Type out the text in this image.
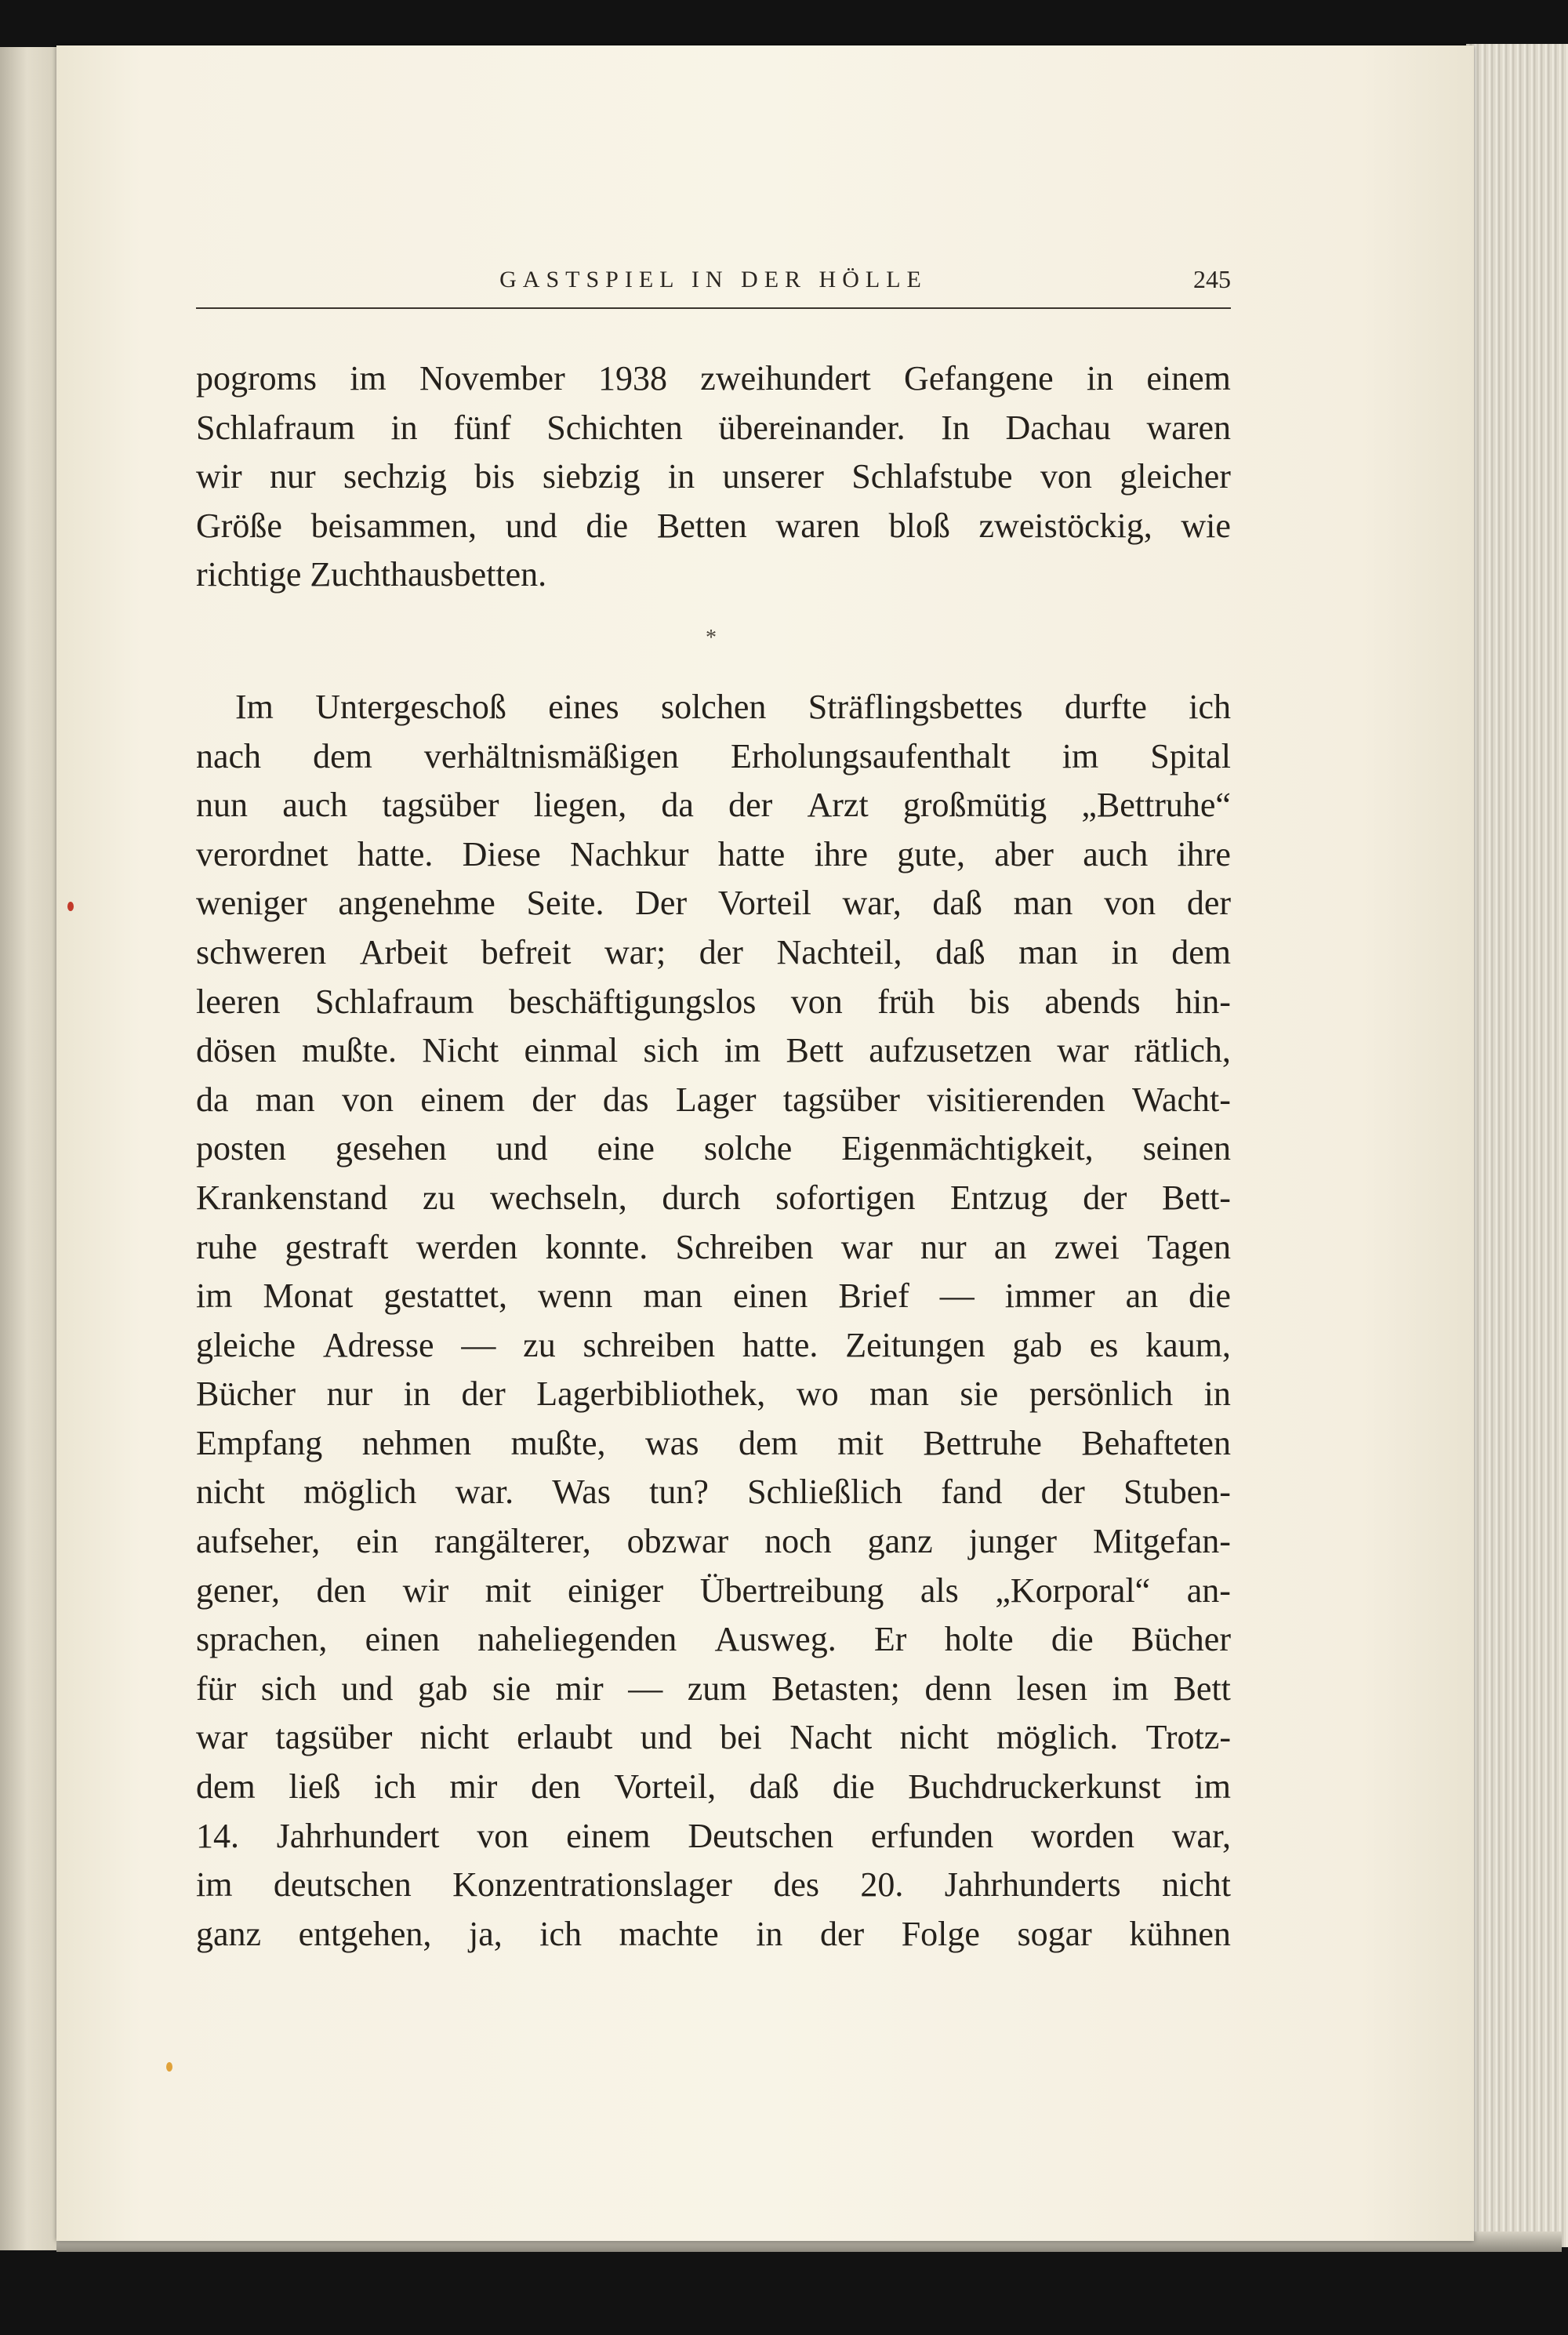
GASTSPIEL IN DER HÖLLE	245
pogroms im November 1938 zweihundert Gefangene in einem
Schlafraum in fünf Schichten übereinander. In Dachau waren
wir nur sechzig bis siebzig in unserer Schlafstube von gleicher
Größe beisammen, und die Betten waren bloß zweistöckig, wie
richtige Zuchthausbetten.
*
Im Untergeschoß eines solchen Sträflingsbettes durfte ich
nach dem verhältnismäßigen Erholungsaufenthalt im Spital
nun auch tagsüber liegen, da der Arzt großmütig „Bettruhe“
verordnet hatte. Diese Nachkur hatte ihre gute, aber auch ihre
weniger angenehme Seite. Der Vorteil war, daß man von der
schweren Arbeit befreit war; der Nachteil, daß man in dem
leeren Schlafraum beschäftigungslos von früh bis abends hin-
dösen mußte. Nicht einmal sich im Bett aufzusetzen war rätlich,
da man von einem der das Lager tagsüber visitierenden Wacht-
posten gesehen und eine solche Eigenmächtigkeit, seinen
Krankenstand zu wechseln, durch sofortigen Entzug der Bett-
ruhe gestraft werden konnte. Schreiben war nur an zwei Tagen
im Monat gestattet, wenn man einen Brief — immer an die
gleiche Adresse — zu schreiben hatte. Zeitungen gab es kaum,
Bücher nur in der Lagerbibliothek, wo man sie persönlich in
Empfang nehmen mußte, was dem mit Bettruhe Behafteten
nicht möglich war. Was tun? Schließlich fand der Stuben-
aufseher, ein rangälterer, obzwar noch ganz junger Mitgefan-
gener, den wir mit einiger Übertreibung als „Korporal“ an-
sprachen, einen naheliegenden Ausweg. Er holte die Bücher
für sich und gab sie mir — zum Betasten; denn lesen im Bett
war tagsüber nicht erlaubt und bei Nacht nicht möglich. Trotz-
dem ließ ich mir den Vorteil, daß die Buchdruckerkunst im
14. Jahrhundert von einem Deutschen erfunden worden war,
im deutschen Konzentrationslager des 20. Jahrhunderts nicht
ganz entgehen, ja, ich machte in der Folge sogar kühnen
